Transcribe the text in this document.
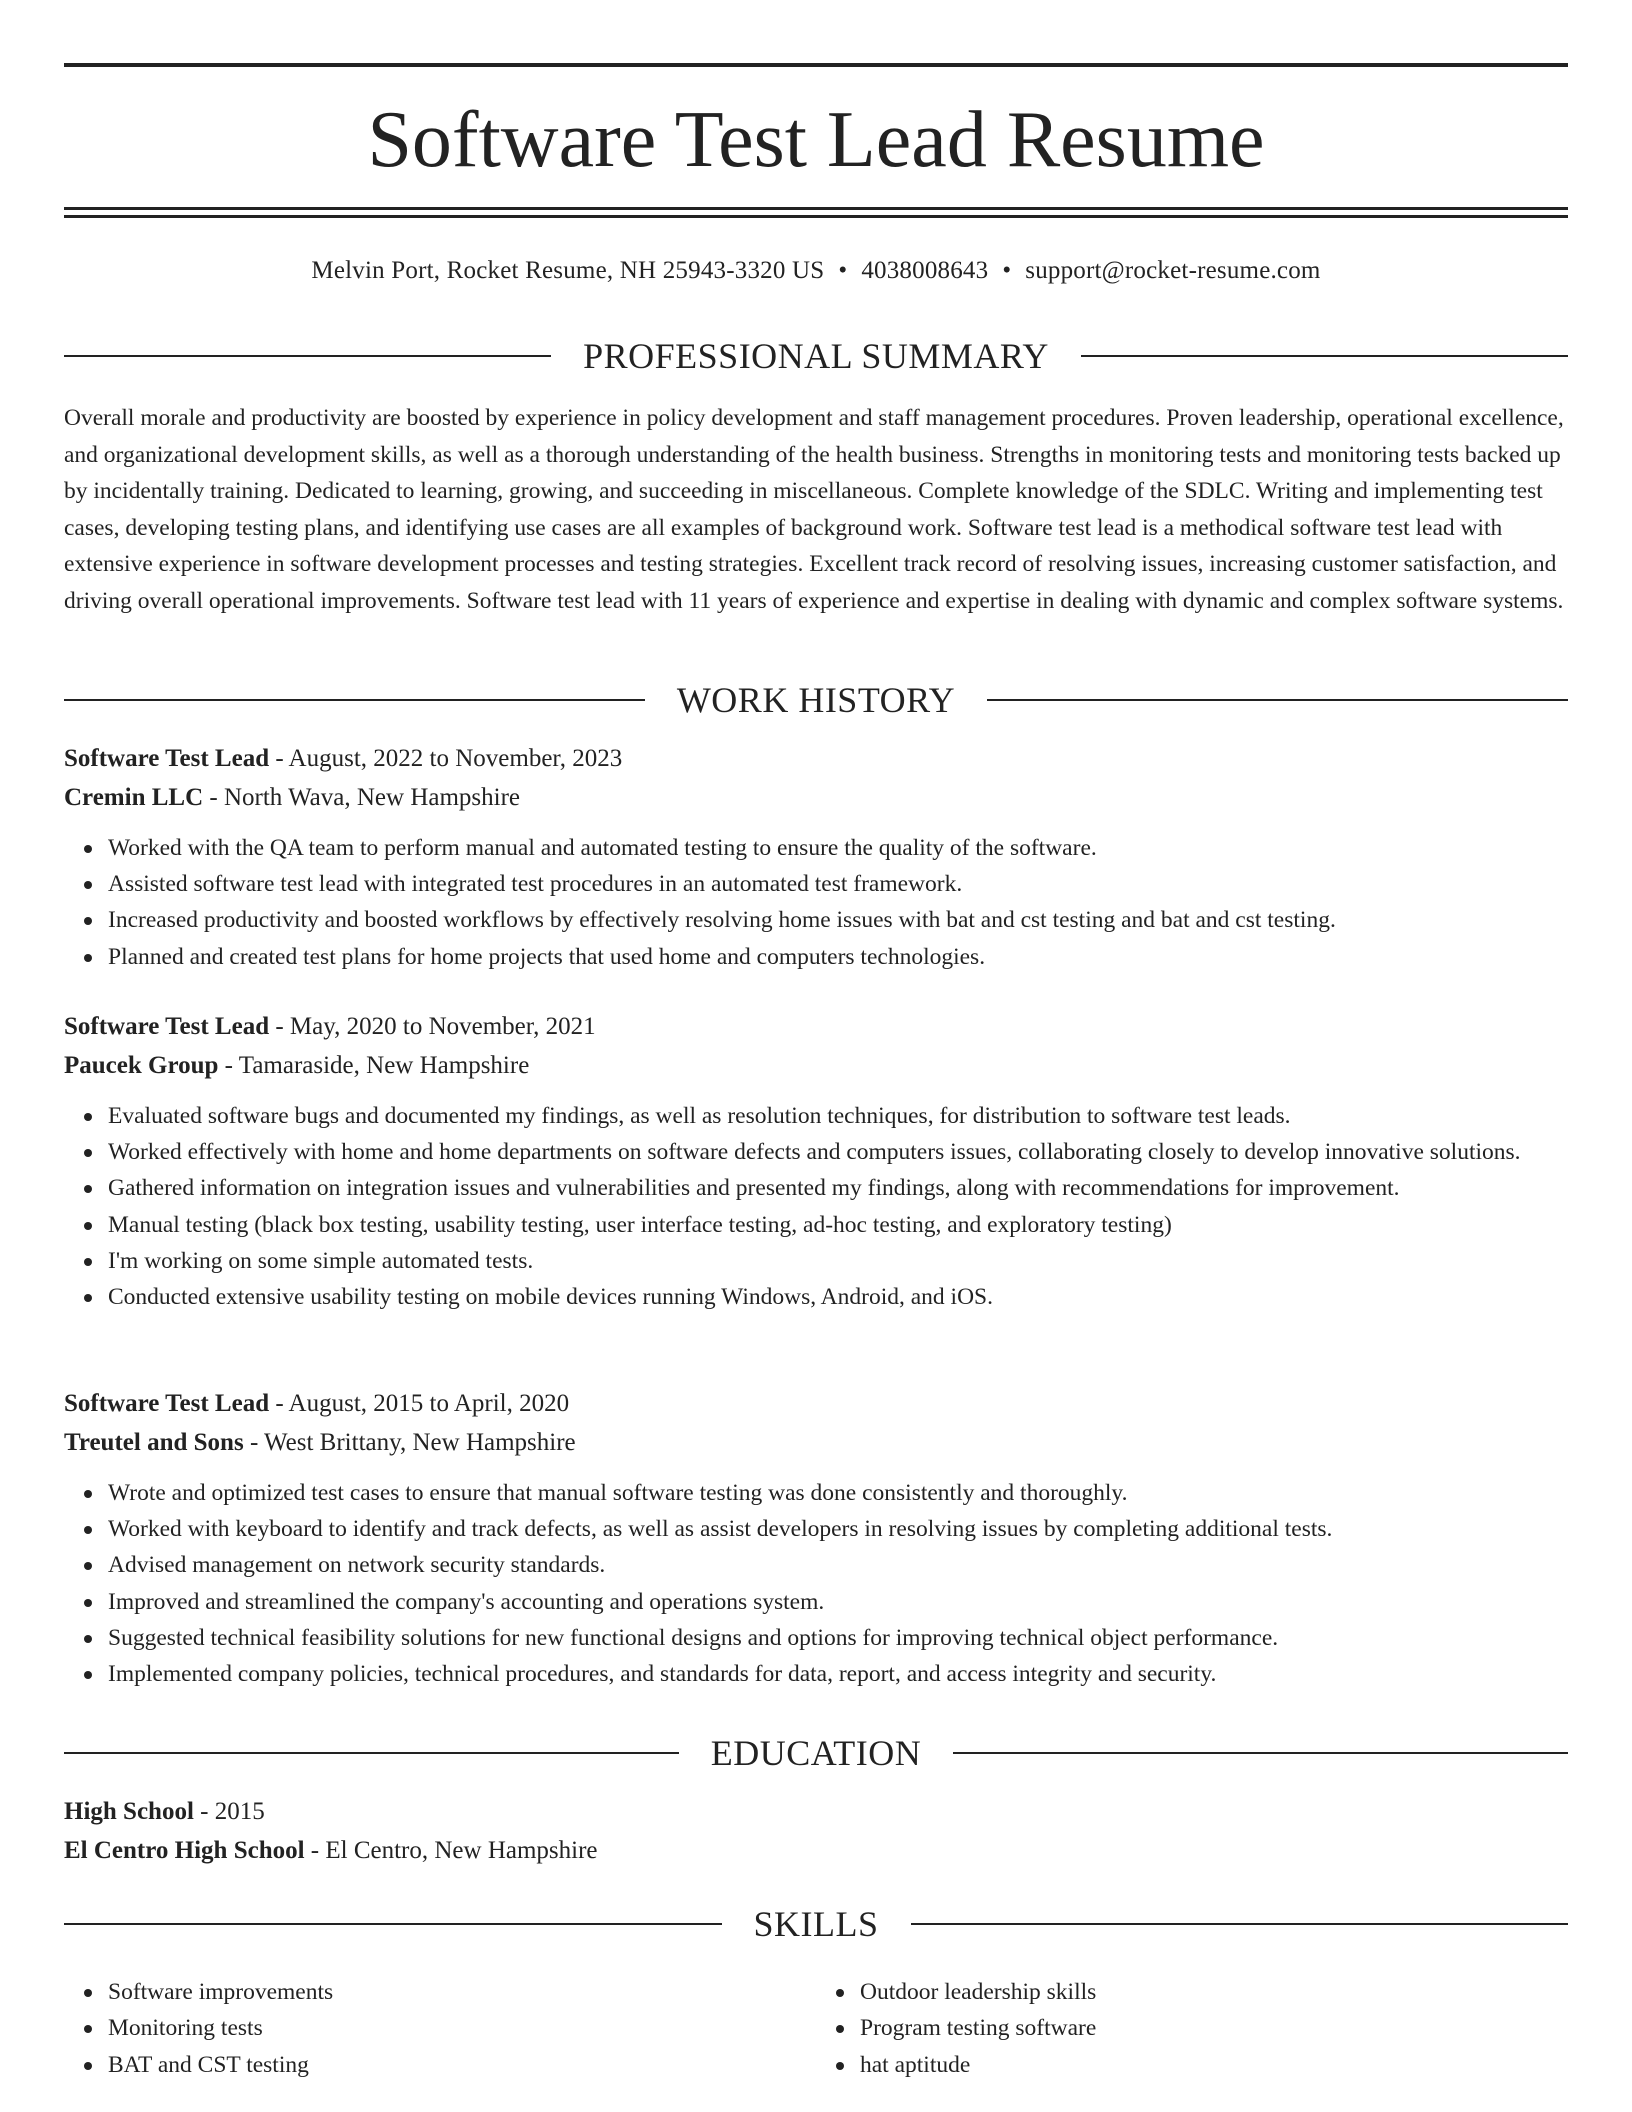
Software Test Lead Resume
Melvin Port, Rocket Resume, NH 25943-3320 US • 4038008643 • support@rocket-resume.com
PROFESSIONAL SUMMARY

Overall morale and productivity are boosted by experience in policy development and staff management procedures. Proven leadership, operational excellence, and organizational development skills, as well as a thorough understanding of the health business. Strengths in monitoring tests and monitoring tests backed up by incidentally training. Dedicated to learning, growing, and succeeding in miscellaneous. Complete knowledge of the SDLC. Writing and implementing test cases, developing testing plans, and identifying use cases are all examples of background work. Software test lead is a methodical software test lead with extensive experience in software development processes and testing strategies. Excellent track record of resolving issues, increasing customer satisfaction, and driving overall operational improvements. Software test lead with 11 years of experience and expertise in dealing with dynamic and complex software systems.

WORK HISTORY
Software Test Lead - August, 2022 to November, 2023
Cremin LLC - North Wava, New Hampshire
Worked with the QA team to perform manual and automated testing to ensure the quality of the software.
Assisted software test lead with integrated test procedures in an automated test framework.
Increased productivity and boosted workflows by effectively resolving home issues with bat and cst testing and bat and cst testing.
Planned and created test plans for home projects that used home and computers technologies.
Software Test Lead - May, 2020 to November, 2021
Paucek Group - Tamaraside, New Hampshire
Evaluated software bugs and documented my findings, as well as resolution techniques, for distribution to software test leads.
Worked effectively with home and home departments on software defects and computers issues, collaborating closely to develop innovative solutions.
Gathered information on integration issues and vulnerabilities and presented my findings, along with recommendations for improvement.
Manual testing (black box testing, usability testing, user interface testing, ad-hoc testing, and exploratory testing)
I'm working on some simple automated tests.
Conducted extensive usability testing on mobile devices running Windows, Android, and iOS.
Software Test Lead - August, 2015 to April, 2020
Treutel and Sons - West Brittany, New Hampshire
Wrote and optimized test cases to ensure that manual software testing was done consistently and thoroughly.
Worked with keyboard to identify and track defects, as well as assist developers in resolving issues by completing additional tests.
Advised management on network security standards.
Improved and streamlined the company's accounting and operations system.
Suggested technical feasibility solutions for new functional designs and options for improving technical object performance.
Implemented company policies, technical procedures, and standards for data, report, and access integrity and security.
EDUCATION
High School - 2015
El Centro High School - El Centro, New Hampshire
SKILLS
Software improvements
Monitoring tests
BAT and CST testing
Outdoor leadership skills
Program testing software
hat aptitude
